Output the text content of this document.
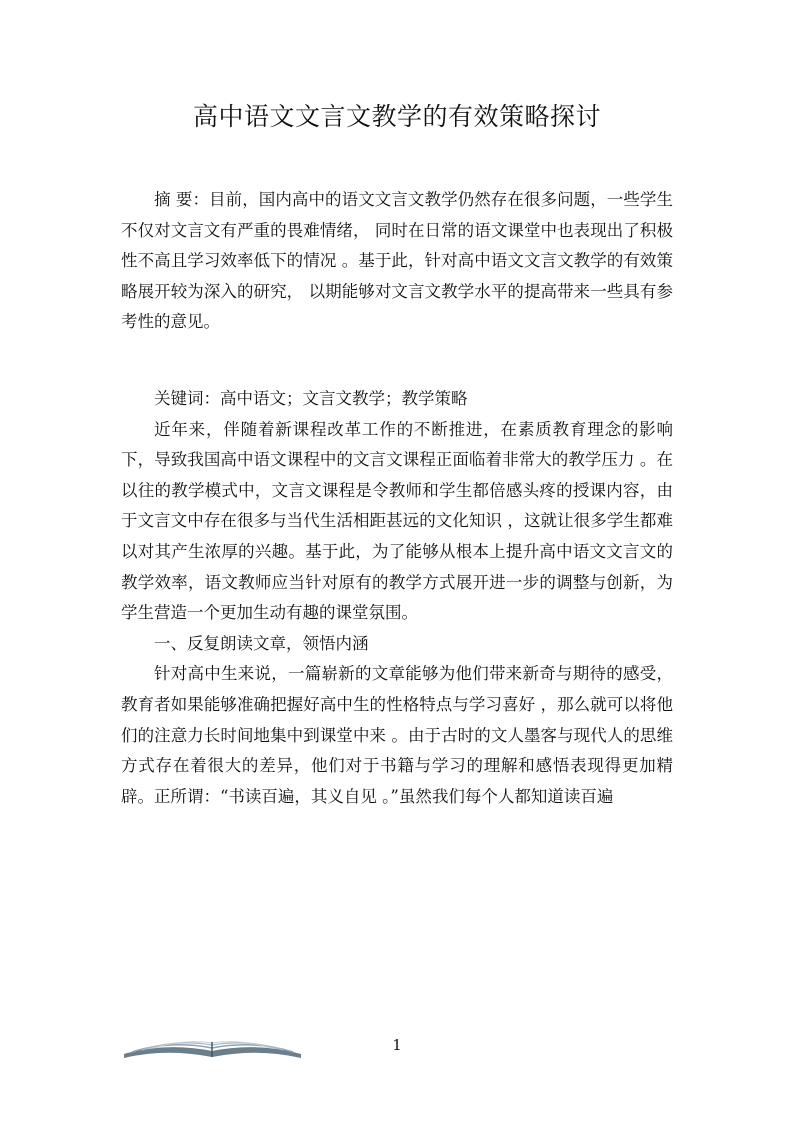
高中语文文言文教学的有效策略探讨

摘 要：目前，国内高中的语文文言文教学仍然存在很多问题，一些学生不仅对文言文有严重的畏难情绪， 同时在日常的语文课堂中也表现出了积极性不高且学习效率低下的情况 。基于此，针对高中语文文言文教学的有效策略展开较为深入的研究， 以期能够对文言文教学水平的提高带来一些具有参考性的意见。

关键词：高中语文；文言文教学；教学策略

近年来，伴随着新课程改革工作的不断推进，在素质教育理念的影响下，导致我国高中语文课程中的文言文课程正面临着非常大的教学压力 。在以往的教学模式中，文言文课程是令教师和学生都倍感头疼的授课内容，由于文言文中存在很多与当代生活相距甚远的文化知识 ，这就让很多学生都难以对其产生浓厚的兴趣。基于此，为了能够从根本上提升高中语文文言文的教学效率，语文教师应当针对原有的教学方式展开进一步的调整与创新，为学生营造一个更加生动有趣的课堂氛围。

一、反复朗读文章，领悟内涵

针对高中生来说，一篇崭新的文章能够为他们带来新奇与期待的感受，教育者如果能够准确把握好高中生的性格特点与学习喜好 ，那么就可以将他们的注意力长时间地集中到课堂中来 。由于古时的文人墨客与现代人的思维方式存在着很大的差异，他们对于书籍与学习的理解和感悟表现得更加精辟。正所谓：“书读百遍，其义自见 。”虽然我们每个人都知道读百遍

1
